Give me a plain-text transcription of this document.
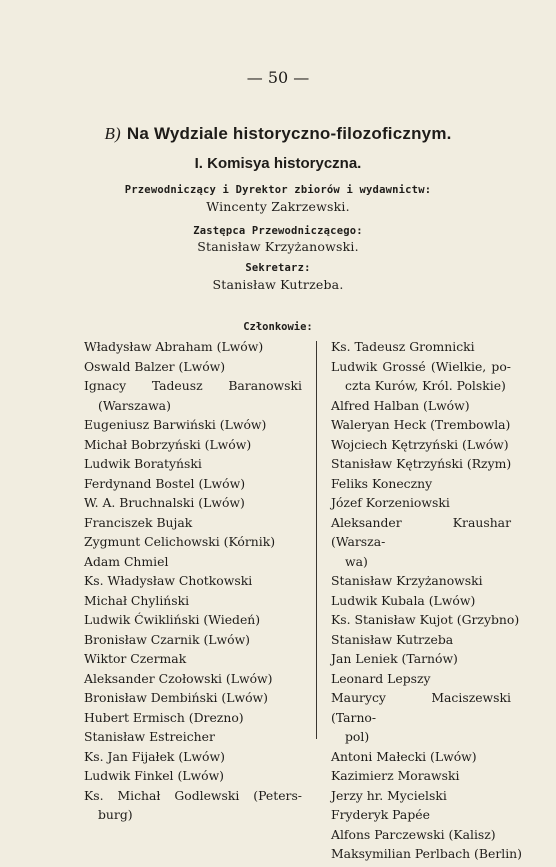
— 50 —
B) Na Wydziale historyczno-filozoficznym.
I. Komisya historyczna.
Przewodniczący i Dyrektor zbiorów i wydawnictw:
Wincenty Zakrzewski.
Zastępca Przewodniczącego:
Stanisław Krzyżanowski.
Sekretarz:
Stanisław Kutrzeba.
Członkowie:
Władysław Abraham (Lwów)
Oswald Balzer (Lwów)
Ignacy Tadeusz Baranowski
(Warszawa)
Eugeniusz Barwiński (Lwów)
Michał Bobrzyński (Lwów)
Ludwik Boratyński
Ferdynand Bostel (Lwów)
W. A. Bruchnalski (Lwów)
Franciszek Bujak
Zygmunt Celichowski (Kórnik)
Adam Chmiel
Ks. Władysław Chotkowski
Michał Chyliński
Ludwik Ćwikliński (Wiedeń)
Bronisław Czarnik (Lwów)
Wiktor Czermak
Aleksander Czołowski (Lwów)
Bronisław Dembiński (Lwów)
Hubert Ermisch (Drezno)
Stanisław Estreicher
Ks. Jan Fijałek (Lwów)
Ludwik Finkel (Lwów)
Ks. Michał Godlewski (Peters-
burg)
Ks. Tadeusz Gromnicki
Ludwik Grossé (Wielkie, po-
czta Kurów, Król. Polskie)
Alfred Halban (Lwów)
Waleryan Heck (Trembowla)
Wojciech Kętrzyński (Lwów)
Stanisław Kętrzyński (Rzym)
Feliks Koneczny
Józef Korzeniowski
Aleksander Kraushar (Warsza-
wa)
Stanisław Krzyżanowski
Ludwik Kubala (Lwów)
Ks. Stanisław Kujot (Grzybno)
Stanisław Kutrzeba
Jan Leniek (Tarnów)
Leonard Lepszy
Maurycy Maciszewski (Tarno-
pol)
Antoni Małecki (Lwów)
Kazimierz Morawski
Jerzy hr. Mycielski
Fryderyk Papée
Alfons Parczewski (Kalisz)
Maksymilian Perlbach (Berlin)
